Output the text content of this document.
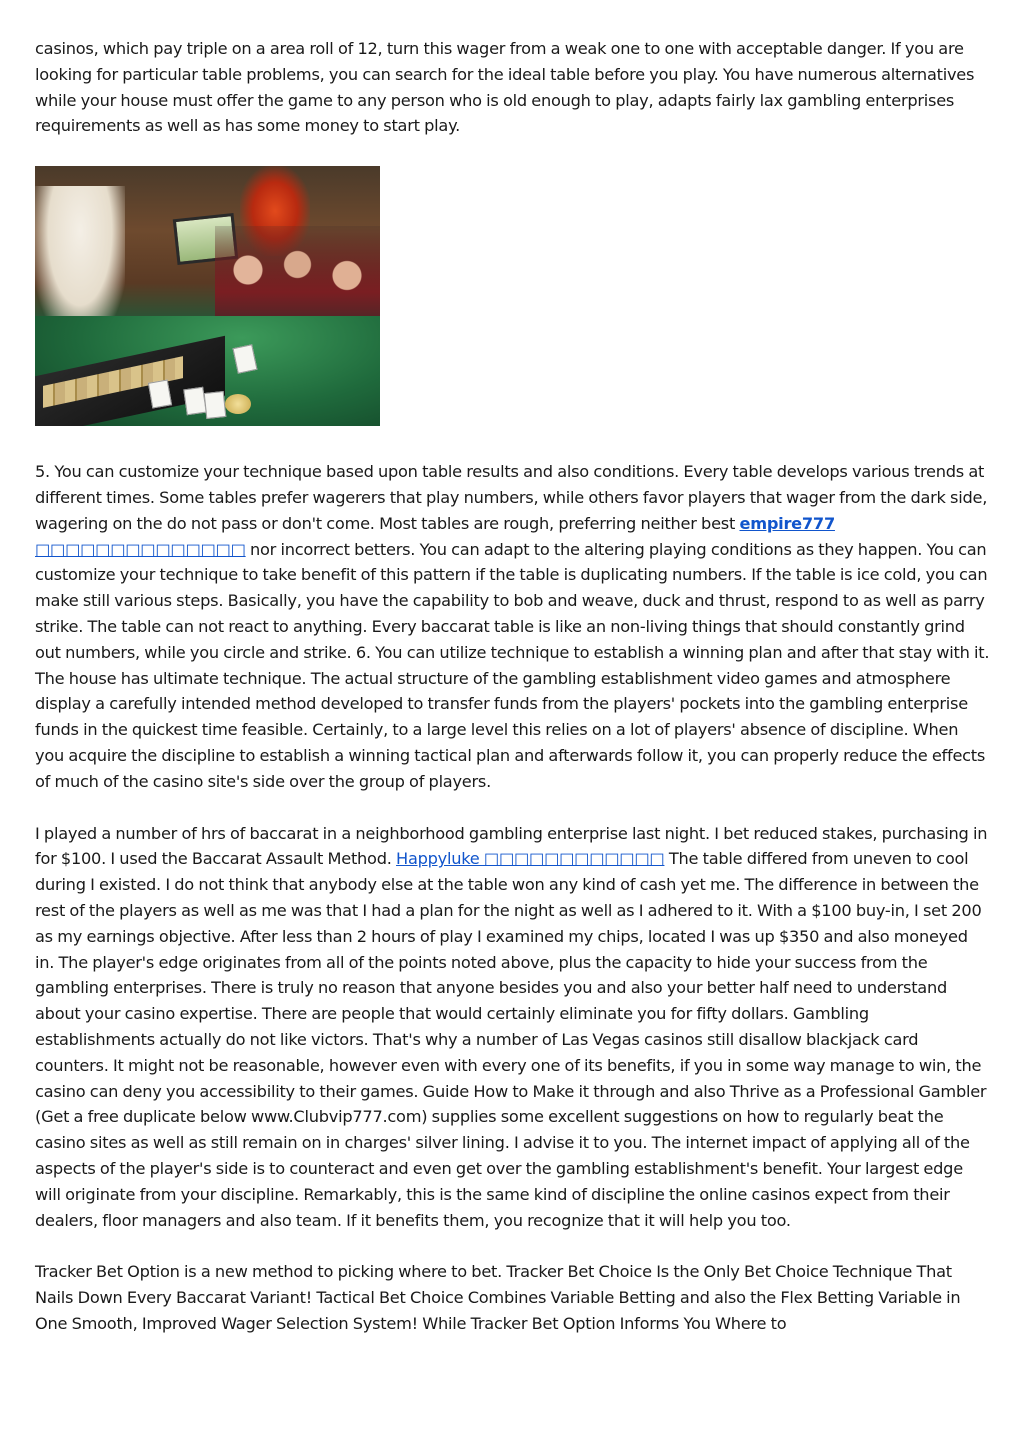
casinos, which pay triple on a area roll of 12, turn this wager from a weak one to one with acceptable danger. If you are looking for particular table problems, you can search for the ideal table before you play. You have numerous alternatives while your house must offer the game to any person who is old enough to play, adapts fairly lax gambling enterprises requirements as well as has some money to start play.

5. You can customize your technique based upon table results and also conditions. Every table develops various trends at different times. Some tables prefer wagerers that play numbers, while others favor players that wager from the dark side, wagering on the do not pass or don't come. Most tables are rough, preferring neither best empire777 □□□□□□□□□□□□□□ nor incorrect betters. You can adapt to the altering playing conditions as they happen. You can customize your technique to take benefit of this pattern if the table is duplicating numbers. If the table is ice cold, you can make still various steps. Basically, you have the capability to bob and weave, duck and thrust, respond to as well as parry strike. The table can not react to anything. Every baccarat table is like an non-living things that should constantly grind out numbers, while you circle and strike. 6. You can utilize technique to establish a winning plan and after that stay with it. The house has ultimate technique. The actual structure of the gambling establishment video games and atmosphere display a carefully intended method developed to transfer funds from the players' pockets into the gambling enterprise funds in the quickest time feasible. Certainly, to a large level this relies on a lot of players' absence of discipline. When you acquire the discipline to establish a winning tactical plan and afterwards follow it, you can properly reduce the effects of much of the casino site's side over the group of players.

I played a number of hrs of baccarat in a neighborhood gambling enterprise last night. I bet reduced stakes, purchasing in for $100. I used the Baccarat Assault Method. Happyluke □□□□□□□□□□□□ The table differed from uneven to cool during I existed. I do not think that anybody else at the table won any kind of cash yet me. The difference in between the rest of the players as well as me was that I had a plan for the night as well as I adhered to it. With a $100 buy-in, I set 200 as my earnings objective. After less than 2 hours of play I examined my chips, located I was up $350 and also moneyed in. The player's edge originates from all of the points noted above, plus the capacity to hide your success from the gambling enterprises. There is truly no reason that anyone besides you and also your better half need to understand about your casino expertise. There are people that would certainly eliminate you for fifty dollars. Gambling establishments actually do not like victors. That's why a number of Las Vegas casinos still disallow blackjack card counters. It might not be reasonable, however even with every one of its benefits, if you in some way manage to win, the casino can deny you accessibility to their games. Guide How to Make it through and also Thrive as a Professional Gambler (Get a free duplicate below www.Clubvip777.com) supplies some excellent suggestions on how to regularly beat the casino sites as well as still remain on in charges' silver lining. I advise it to you. The internet impact of applying all of the aspects of the player's side is to counteract and even get over the gambling establishment's benefit. Your largest edge will originate from your discipline. Remarkably, this is the same kind of discipline the online casinos expect from their dealers, floor managers and also team. If it benefits them, you recognize that it will help you too.

Tracker Bet Option is a new method to picking where to bet. Tracker Bet Choice Is the Only Bet Choice Technique That Nails Down Every Baccarat Variant! Tactical Bet Choice Combines Variable Betting and also the Flex Betting Variable in One Smooth, Improved Wager Selection System! While Tracker Bet Option Informs You Where to
